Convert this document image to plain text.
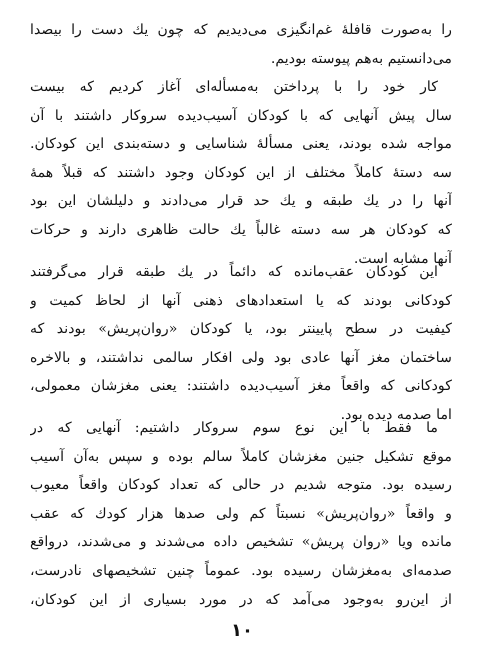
را به‌صورت قافلهٔ غم‌انگیزی می‌دیدیم که چون یك دست را بیصدا
می‌دانستیم به‌هم پیوسته بودیم.
کار خود را با پرداختن به‌مسأله‌ای آغاز کردیم که بیست
سال پیش آنهایی که با کودکان آسیب‌دیده سروکار داشتند با آن
مواجه شده بودند، یعنی مسألهٔ شناسایی و دسته‌بندی این کودکان.
سه دستهٔ کاملاً مختلف از این کودکان وجود داشتند که قبلاً همهٔ
آنها را در یك طبقه و یك حد قرار می‌دادند و دلیلشان این بود
که کودکان هر سه دسته غالباً یك حالت ظاهری دارند و حرکات
آنها مشابه است.
این کودکان عقب‌مانده که دائماً در یك طبقه قرار می‌گرفتند
کودکانی بودند که یا استعدادهای ذهنی آنها از لحاظ کمیت و
کیفیت در سطح پایینتر بود، یا کودکان «روان‌پریش» بودند که
ساختمان مغز آنها عادی بود ولی افکار سالمی نداشتند، و بالاخره
کودکانی که واقعاً مغز آسیب‌دیده داشتند: یعنی مغزشان معمولی،
اما صدمه دیده بود.
ما فقط با این نوع سوم سروکار داشتیم: آنهایی که در
موقع تشکیل جنین مغزشان کاملاً سالم بوده و سپس به‌آن آسیب
رسیده بود. متوجه شدیم در حالی که تعداد کودکان واقعاً معیوب
و واقعاً «روان‌پریش» نسبتاً کم ولی صدها هزار کودك که عقب‌
مانده ویا «روان پریش» تشخیص داده می‌شدند و می‌شدند، درواقع
صدمه‌ای به‌مغزشان رسیده بود. عموماً چنین تشخیصهای نادرست،
از این‌رو به‌وجود می‌آمد که در مورد بسیاری از این کودکان،
۱۰
